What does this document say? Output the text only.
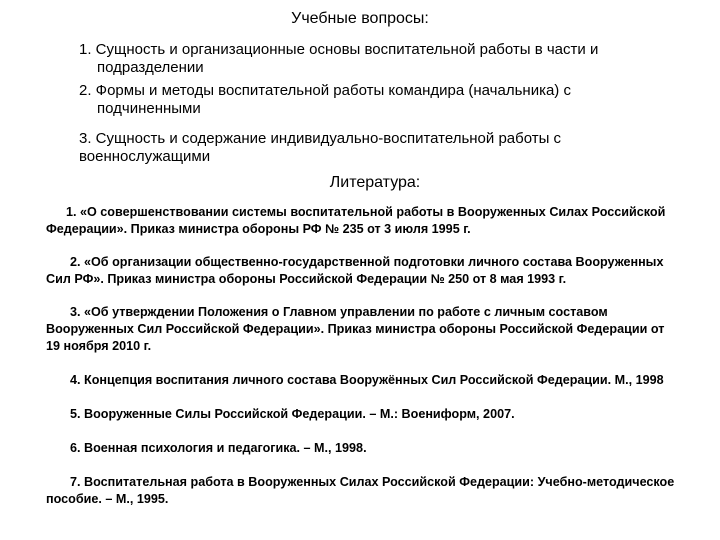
Учебные вопросы:

1. Сущность и организационные основы воспитательной работы в части и подразделении

2. Формы и методы воспитательной работы командира (начальника) с подчиненными

3. Сущность и содержание индивидуально-воспитательной работы с военнослужащими

Литература:

1. «О совершенствовании системы воспитательной работы в Вооруженных Силах Российской Федерации». Приказ министра обороны РФ № 235 от 3 июля 1995 г.

2. «Об организации общественно-государственной подготовки личного состава Вооруженных Сил РФ». Приказ министра обороны Российской Федерации № 250 от 8 мая 1993 г.

3. «Об утверждении Положения о Главном управлении по работе с личным составом Вооруженных Сил Российской Федерации». Приказ министра обороны Российской Федерации от 19 ноября 2010 г.

4. Концепция воспитания личного состава Вооружённых Сил Российской Федерации. М., 1998

5. Вооруженные Силы Российской Федерации. – М.: Воениформ, 2007.

6. Военная психология и педагогика. – М., 1998.

7. Воспитательная работа в Вооруженных Силах Российской Федерации: Учебно-методическое пособие. – М., 1995.
